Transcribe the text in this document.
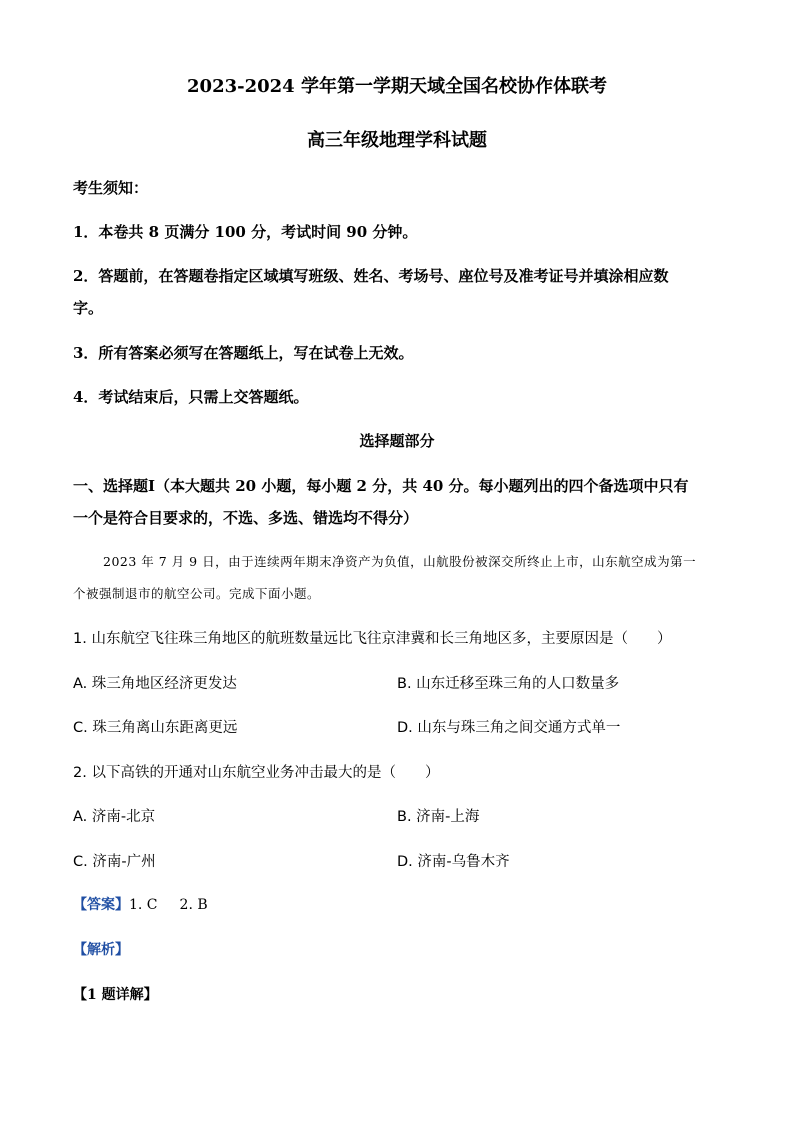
2023-2024 学年第一学期天域全国名校协作体联考
高三年级地理学科试题
考生须知：
1．本卷共 8 页满分 100 分，考试时间 90 分钟。
2．答题前，在答题卷指定区域填写班级、姓名、考场号、座位号及准考证号并填涂相应数
字。
3．所有答案必须写在答题纸上，写在试卷上无效。
4．考试结束后，只需上交答题纸。
选择题部分
一、选择题Ⅰ（本大题共 20 小题，每小题 2 分，共 40 分。每小题列出的四个备选项中只有
一个是符合目要求的，不选、多选、错选均不得分）
2023 年 7 月 9 日，由于连续两年期末净资产为负值，山航股份被深交所终止上市，山东航空成为第一
个被强制退市的航空公司。完成下面小题。
1. 山东航空飞往珠三角地区的航班数量远比飞往京津冀和长三角地区多，主要原因是（　　）
A. 珠三角地区经济更发达	B. 山东迁移至珠三角的人口数量多
C. 珠三角离山东距离更远	D. 山东与珠三角之间交通方式单一
2. 以下高铁的开通对山东航空业务冲击最大的是（　　）
A. 济南-北京	B. 济南-上海
C. 济南-广州	D. 济南-乌鲁木齐
【答案】1. C 2. B
【解析】
【1 题详解】
